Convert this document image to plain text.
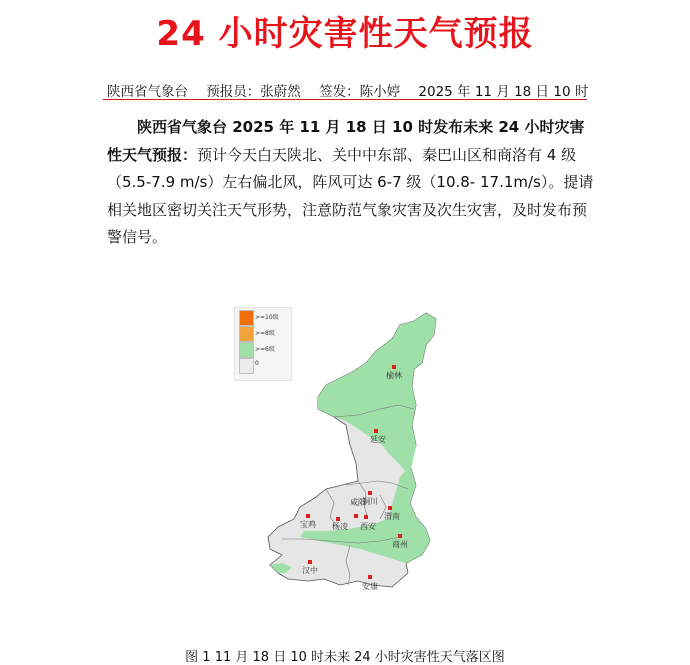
24 小时灾害性天气预报
陕西省气象台 预报员：张蔚然 签发：陈小婷 2025 年 11 月 18 日 10 时
陕西省气象台 2025 年 11 月 18 日 10 时发布未来 24 小时灾害性天气预报：预计今天白天陕北、关中中东部、秦巴山区和商洛有 4 级（5.5-7.9 m/s）左右偏北风，阵风可达 6-7 级（10.8- 17.1m/s）。提请相关地区密切关注天气形势，注意防范气象灾害及次生灾害，及时发布预警信号。
榆林
延安
铜川
渭南
宝鸡 杨凌
咸阳
西安
商州
汉中
安康
>=10级
>=8级
>=6级
0
图 1 11 月 18 日 10 时未来 24 小时灾害性天气落区图
